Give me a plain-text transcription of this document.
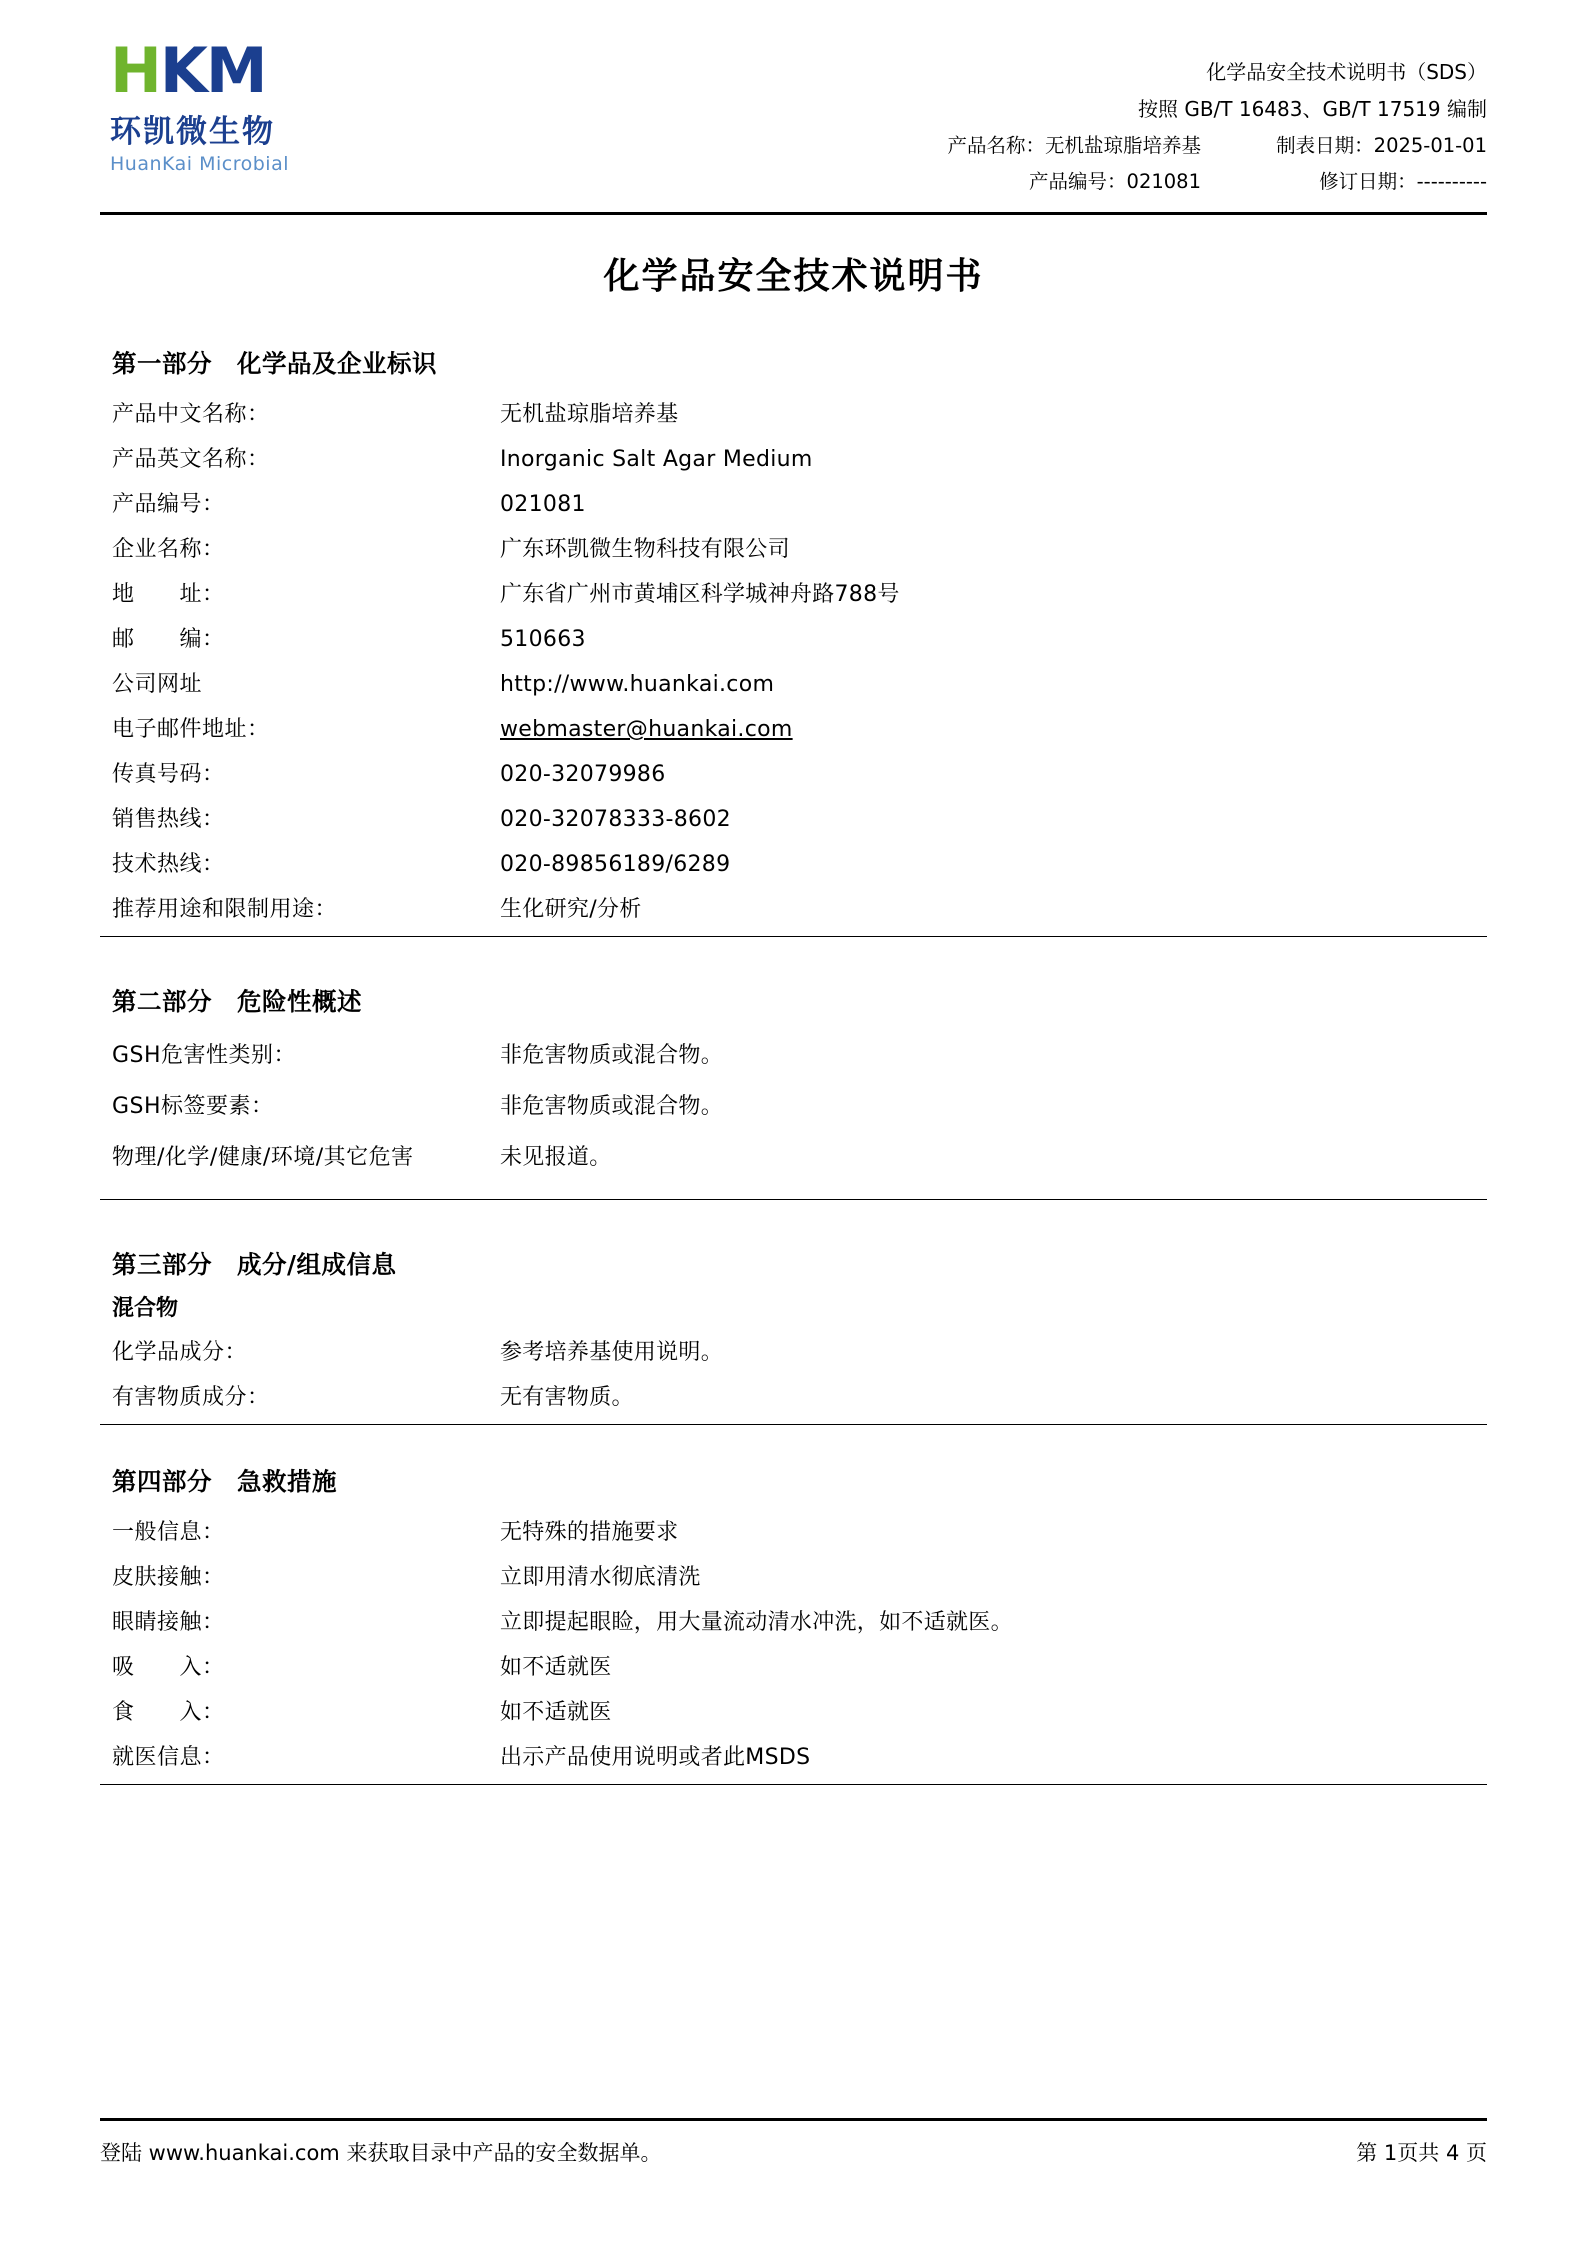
HKM
环凯微生物
HuanKai Microbial
化学品安全技术说明书（SDS）
按照 GB/T 16483、GB/T 17519 编制
产品名称：无机盐琼脂培养基	制表日期：2025-01-01
产品编号：021081	修订日期：----------
化学品安全技术说明书
第一部分　化学品及企业标识
产品中文名称：	无机盐琼脂培养基
产品英文名称：	Inorganic Salt Agar Medium
产品编号：	021081
企业名称：	广东环凯微生物科技有限公司
地　　址：	广东省广州市黄埔区科学城神舟路788号
邮　　编：	510663
公司网址	http://www.huankai.com
电子邮件地址：	webmaster@huankai.com
传真号码：	020-32079986
销售热线：	020-32078333-8602
技术热线：	020-89856189/6289
推荐用途和限制用途：	生化研究/分析
第二部分　危险性概述
GSH危害性类别：	非危害物质或混合物。
GSH标签要素：	非危害物质或混合物。
物理/化学/健康/环境/其它危害	未见报道。
第三部分　成分/组成信息
混合物
化学品成分：	参考培养基使用说明。
有害物质成分：	无有害物质。
第四部分　急救措施
一般信息：	无特殊的措施要求
皮肤接触：	立即用清水彻底清洗
眼睛接触：	立即提起眼睑，用大量流动清水冲洗，如不适就医。
吸　　入：	如不适就医
食　　入：	如不适就医
就医信息：	出示产品使用说明或者此MSDS
登陆 www.huankai.com 来获取目录中产品的安全数据单。	第 1页共 4 页
